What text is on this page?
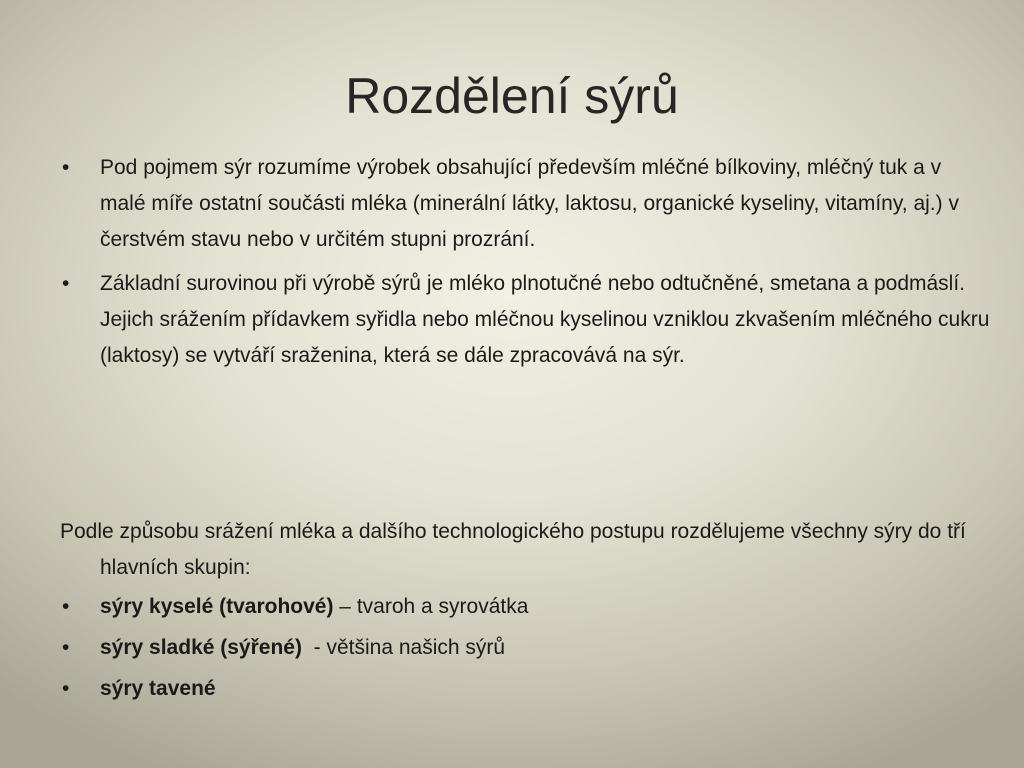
Rozdělení sýrů
• Pod pojmem sýr rozumíme výrobek obsahující především mléčné bílkoviny, mléčný tuk a v malé míře ostatní součásti mléka (minerální látky, laktosu, organické kyseliny, vitamíny, aj.) v čerstvém stavu nebo v určitém stupni prozrání.
• Základní surovinou při výrobě sýrů je mléko plnotučné nebo odtučněné, smetana a podmáslí. Jejich srážením přídavkem syřidla nebo mléčnou kyselinou vzniklou zkvašením mléčného cukru (laktosy) se vytváří sraženina, která se dále zpracovává na sýr.
Podle způsobu srážení mléka a dalšího technologického postupu rozdělujeme všechny sýry do tří hlavních skupin:
• sýry kyselé (tvarohové) – tvaroh a syrovátka
• sýry sladké (sýřené)  - většina našich sýrů
• sýry tavené
